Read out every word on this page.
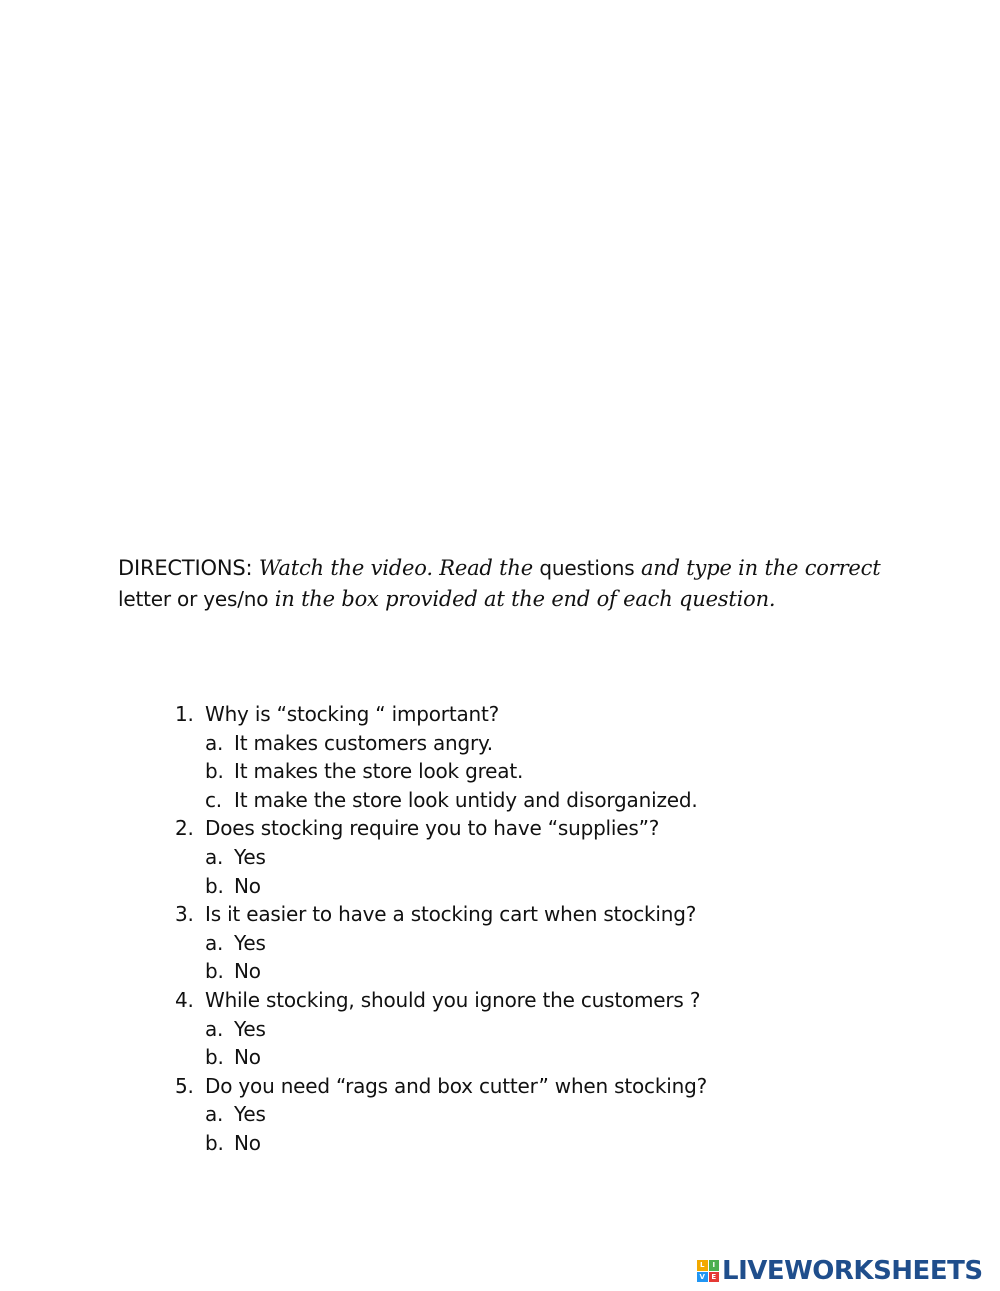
DIRECTIONS: Watch the video. Read the questions and type in the correct letter or yes/no in the box provided at the end of each question.
1. Why is “stocking “ important?
a. It makes customers angry.
b. It makes the store look great.
c. It make the store look untidy and disorganized.
2. Does stocking require you to have “supplies”?
a. Yes
b. No
3. Is it easier to have a stocking cart when stocking?
a. Yes
b. No
4. While stocking, should you ignore the customers ?
a. Yes
b. No
5. Do you need “rags and box cutter” when stocking?
a. Yes
b. No
L	I
V E LIVEWORKSHEETS
